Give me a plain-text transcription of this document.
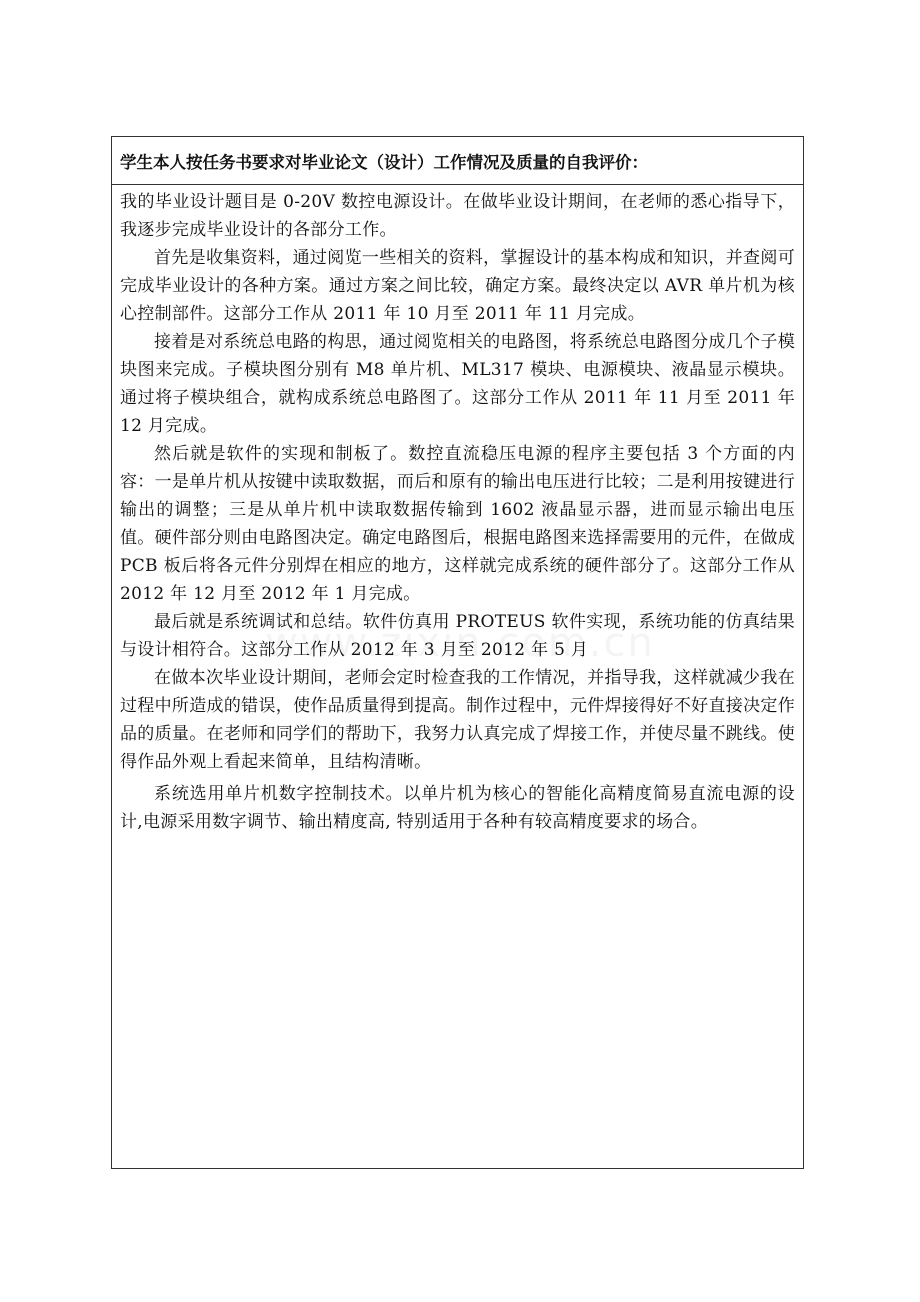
学生本人按任务书要求对毕业论文（设计）工作情况及质量的自我评价：

我的毕业设计题目是 0-20V 数控电源设计。在做毕业设计期间，在老师的悉心指导下，我逐步完成毕业设计的各部分工作。

首先是收集资料，通过阅览一些相关的资料，掌握设计的基本构成和知识，并查阅可完成毕业设计的各种方案。通过方案之间比较，确定方案。最终决定以 AVR 单片机为核心控制部件。这部分工作从 2011 年 10 月至 2011 年 11 月完成。

接着是对系统总电路的构思，通过阅览相关的电路图，将系统总电路图分成几个子模块图来完成。子模块图分别有 M8 单片机、ML317 模块、电源模块、液晶显示模块。通过将子模块组合，就构成系统总电路图了。这部分工作从 2011 年 11 月至 2011 年 12 月完成。

然后就是软件的实现和制板了。数控直流稳压电源的程序主要包括 3 个方面的内容：一是单片机从按键中读取数据，而后和原有的输出电压进行比较；二是利用按键进行输出的调整；三是从单片机中读取数据传输到 1602 液晶显示器，进而显示输出电压值。硬件部分则由电路图决定。确定电路图后，根据电路图来选择需要用的元件，在做成 PCB 板后将各元件分别焊在相应的地方，这样就完成系统的硬件部分了。这部分工作从 2012 年 12 月至 2012 年 1 月完成。

最后就是系统调试和总结。软件仿真用 PROTEUS 软件实现，系统功能的仿真结果与设计相符合。这部分工作从 2012 年 3 月至 2012 年 5 月

在做本次毕业设计期间，老师会定时检查我的工作情况，并指导我，这样就减少我在过程中所造成的错误，使作品质量得到提高。制作过程中，元件焊接得好不好直接决定作品的质量。在老师和同学们的帮助下，我努力认真完成了焊接工作，并使尽量不跳线。使得作品外观上看起来简单，且结构清晰。

系统选用单片机数字控制技术。以单片机为核心的智能化高精度简易直流电源的设计,电源采用数字调节、输出精度高, 特别适用于各种有较高精度要求的场合。
